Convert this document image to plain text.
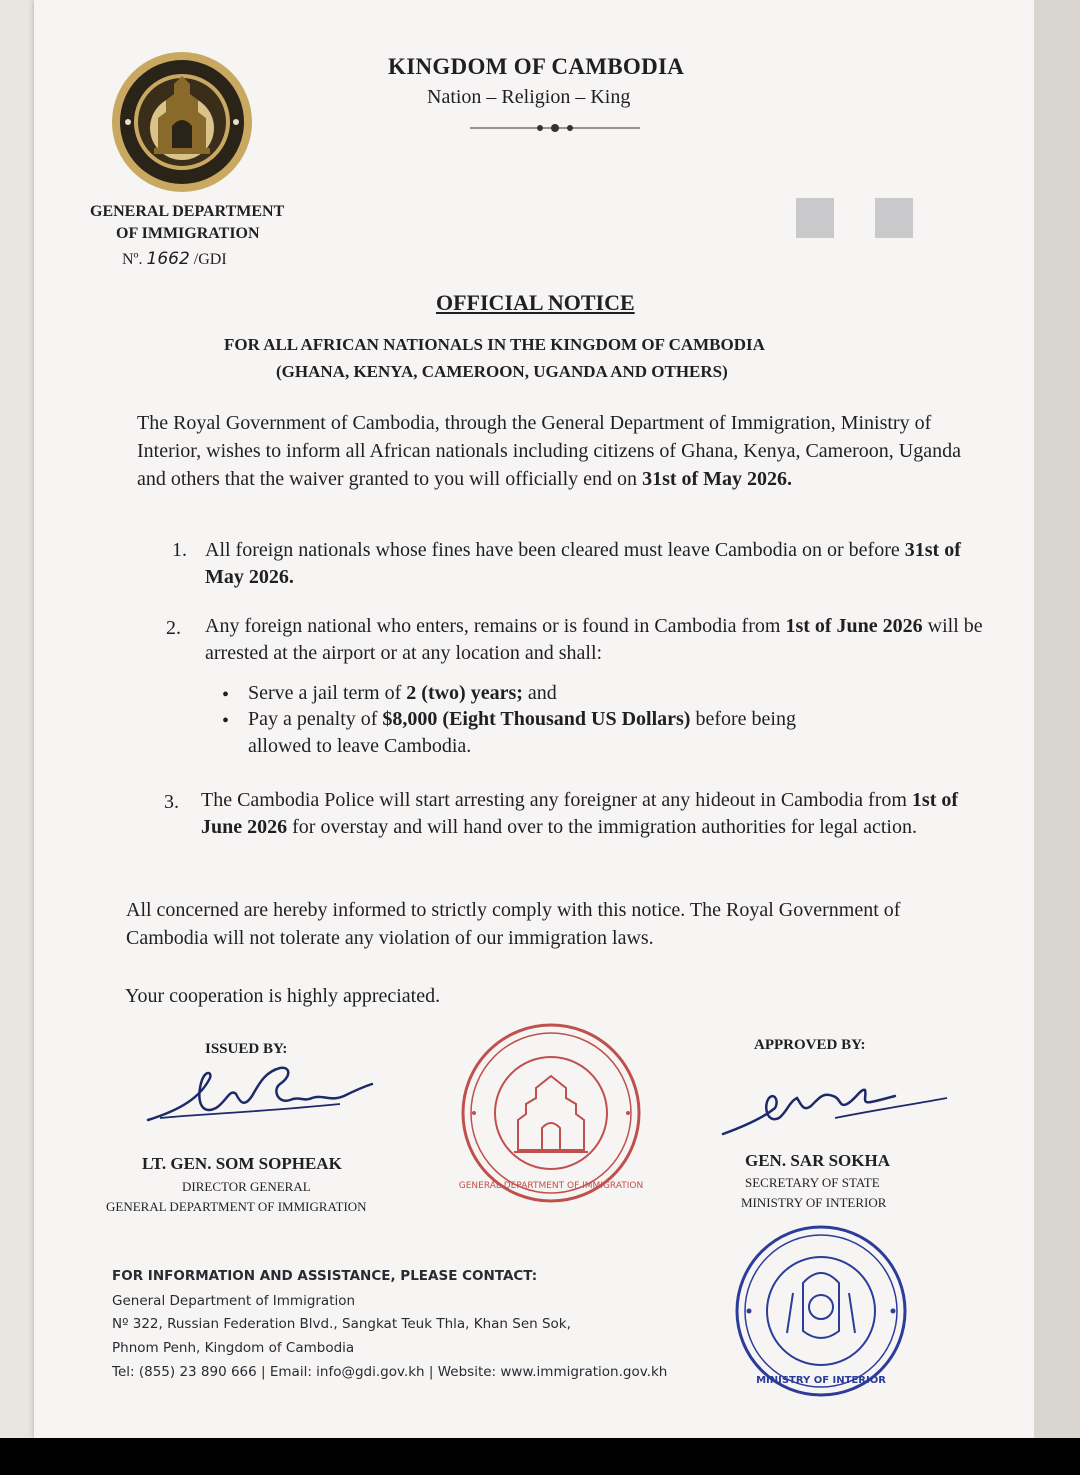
KINGDOM OF CAMBODIA
Nation – Religion – King
GENERAL DEPARTMENT
OF IMMIGRATION
Nº. 1662 /GDI
OFFICIAL NOTICE
FOR ALL AFRICAN NATIONALS IN THE KINGDOM OF CAMBODIA
(GHANA, KENYA, CAMEROON, UGANDA AND OTHERS)
The Royal Government of Cambodia, through the General Department of Immigration, Ministry of Interior, wishes to inform all African nationals including citizens of Ghana, Kenya, Cameroon, Uganda and others that the waiver granted to you will officially end on 31st of May 2026.
1. All foreign nationals whose fines have been cleared must leave Cambodia on or before 31st of May 2026.
2. Any foreign national who enters, remains or is found in Cambodia from 1st of June 2026 will be arrested at the airport or at any location and shall:
• Serve a jail term of 2 (two) years; and
• Pay a penalty of $8,000 (Eight Thousand US Dollars) before being allowed to leave Cambodia.
3. The Cambodia Police will start arresting any foreigner at any hideout in Cambodia from 1st of June 2026 for overstay and will hand over to the immigration authorities for legal action.
All concerned are hereby informed to strictly comply with this notice. The Royal Government of Cambodia will not tolerate any violation of our immigration laws.
Your cooperation is highly appreciated.
ISSUED BY:
LT. GEN. SOM SOPHEAK
DIRECTOR GENERAL
GENERAL DEPARTMENT OF IMMIGRATION
GENERAL DEPARTMENT OF IMMIGRATION
APPROVED BY:
GEN. SAR SOKHA
SECRETARY OF STATE
MINISTRY OF INTERIOR
MINISTRY OF INTERIOR
FOR INFORMATION AND ASSISTANCE, PLEASE CONTACT:
General Department of Immigration
Nº 322, Russian Federation Blvd., Sangkat Teuk Thla, Khan Sen Sok,
Phnom Penh, Kingdom of Cambodia
Tel: (855) 23 890 666 | Email: info@gdi.gov.kh | Website: www.immigration.gov.kh
